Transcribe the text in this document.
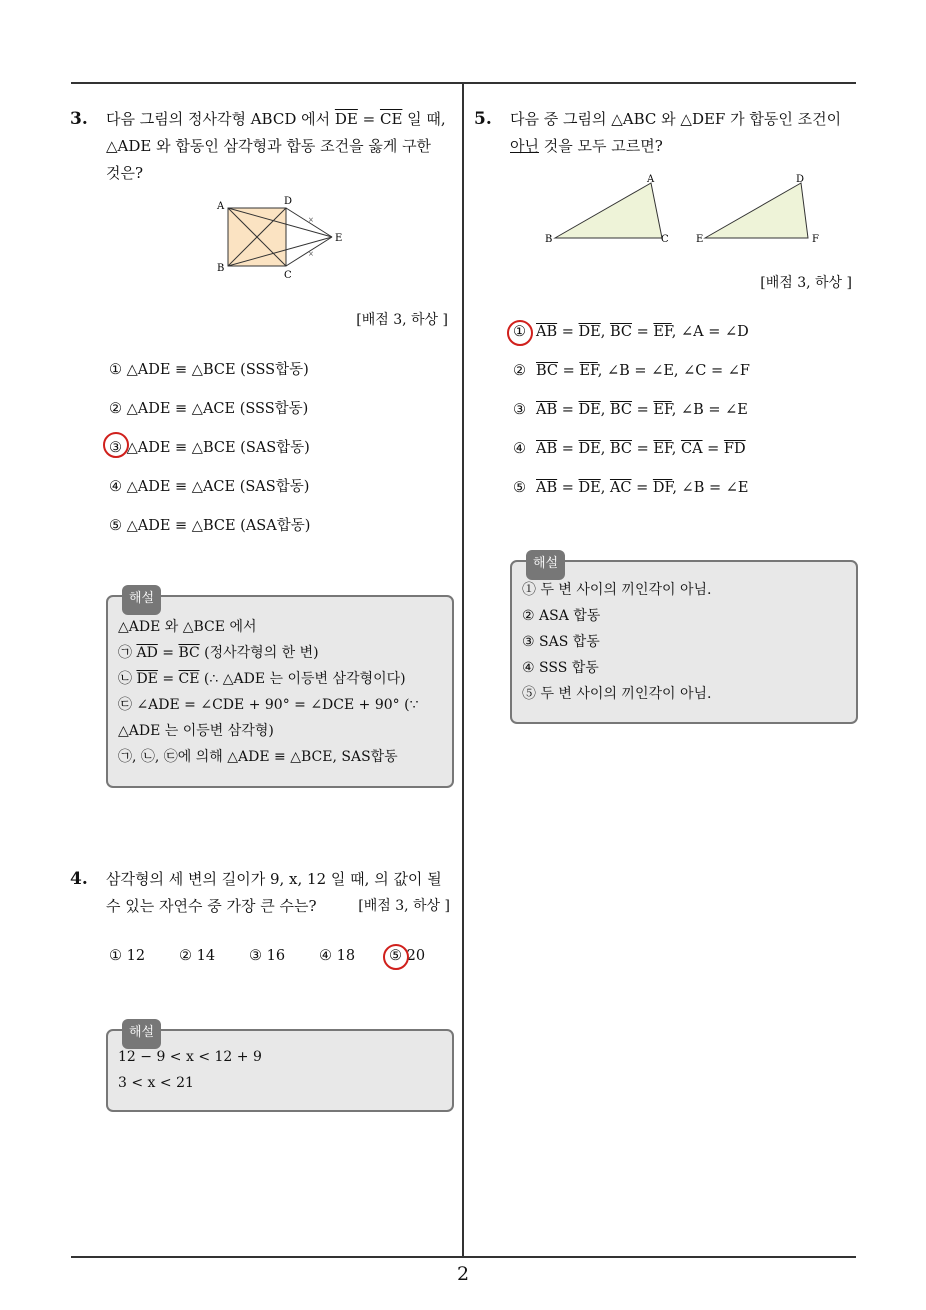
2
3. 다음 그림의 정사각형 ABCD 에서 $\overline{DE} = \overline{CE}$ 일 때,
△ADE 와 합동인 삼각형과 합동 조건을 옳게 구한
것은?
×
×
A	D
E
B
C
[배점 3, 하상 ]
① △ADE ≡ △BCE (SSS합동)
② △ADE ≡ △ACE (SSS합동)
③ △ADE ≡ △BCE (SAS합동)
④ △ADE ≡ △ACE (SAS합동)
⑤ △ADE ≡ △BCE (ASA합동)
해설
△ADE 와 △BCE 에서
㉠ $\overline{AD} = \overline{BC}$ (정사각형의 한 변)
㉡ $\overline{DE} = \overline{CE}$ (∴ △ADE 는 이등변 삼각형이다)
㉢ ∠ADE = ∠CDE + 90° = ∠DCE + 90° (∵
△ADE 는 이등변 삼각형)
㉠, ㉡, ㉢에 의해 △ADE ≡ △BCE, SAS합동
4. 삼각형의 세 변의 길이가 9, x, 12 일 때, 의 값이 될
수 있는 자연수 중 가장 큰 수는?	[배점 3, 하상 ]
① 12 ② 14 ③ 16 ④ 18 ⑤ 20
해설
12 − 9 < x < 12 + 9
3 < x < 21
5. 다음 중 그림의 △ABC 와 △DEF 가 합동인 조건이
아닌 것을 모두 고르면?
A
B	C
D
E	F
[배점 3, 하상 ]
① $\overline{AB} = \overline{DE}$, $\overline{BC} = \overline{EF}$, ∠A = ∠D
② $\overline{BC} = \overline{EF}$, ∠B = ∠E, ∠C = ∠F
③ $\overline{AB} = \overline{DE}$, $\overline{BC} = \overline{EF}$, ∠B = ∠E
④ $\overline{AB} = \overline{DE}$, $\overline{BC} = \overline{EF}$, $\overline{CA} = \overline{FD}$
⑤ $\overline{AB} = \overline{DE}$, $\overline{AC} = \overline{DF}$, ∠B = ∠E
해설
① 두 변 사이의 끼인각이 아님.
② ASA 합동
③ SAS 합동
④ SSS 합동
⑤ 두 변 사이의 끼인각이 아님.
